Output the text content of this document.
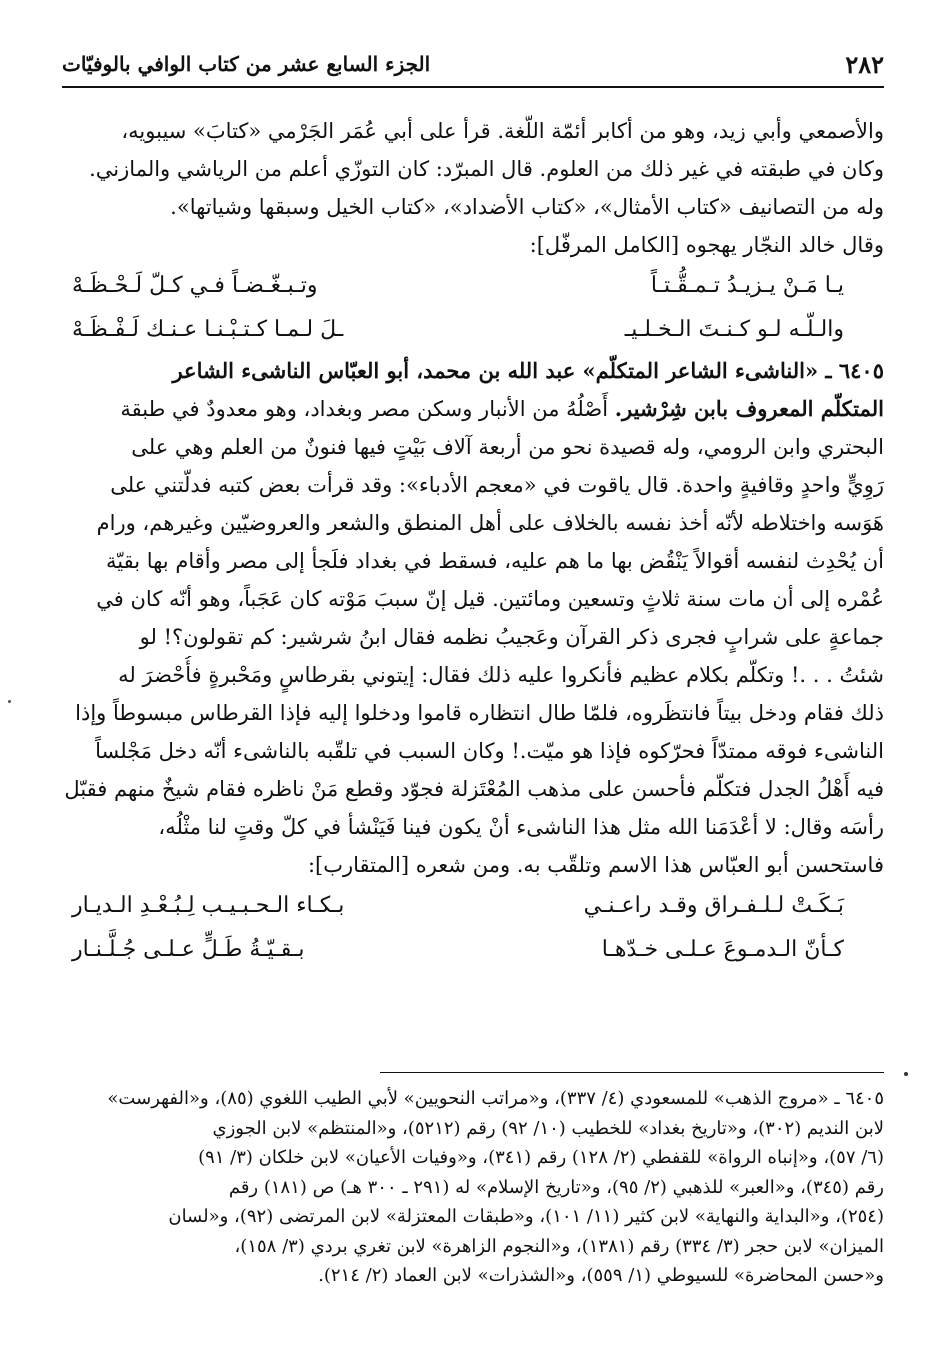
٢٨٢
الجزء السابع عشر من كتاب الوافي بالوفيّات
والأصمعي وأبي زيد، وهو من أكابر أئمّة اللّغة. قرأ على أبي عُمَر الجَرْمي «كتابَ» سيبويه،
وكان في طبقته في غير ذلك من العلوم. قال المبرّد: كان التوزّي أعلم من الرياشي والمازني.
وله من التصانيف «كتاب الأمثال»، «كتاب الأضداد»، «كتاب الخيل وسبقها وشياتها».
وقال خالد النجّار يهجوه [الكامل المرفّل]:
يـا مَـنْ يـزيـدُ تـمـقُّـتـاً
وتـبـغّـضـاً فـي كـلّ لَـحْـظَـهْ
والـلّـه لـو كـنـتَ الـخـلـيـ
ـلَ لـمـا كـتـبْـنـا عـنـك لَـفْـظَـهْ
٦٤٠٥ ـ «الناشىء الشاعر المتكلّم» عبد الله بن محمد، أبو العبّاس الناشىء الشاعر
المتكلّم المعروف بابن شِرْشير. أَصْلُهُ من الأنبار وسكن مصر وبغداد، وهو معدودٌ في طبقة
البحتري وابن الرومي، وله قصيدة نحو من أربعة آلاف بَيْتٍ فيها فنونٌ من العلم وهي على
رَوِيٍّ واحدٍ وقافيةٍ واحدة. قال ياقوت في «معجم الأدباء»: وقد قرأت بعض كتبه فدلّتني على
هَوَسه واختلاطه لأنّه أخذ نفسه بالخلاف على أهل المنطق والشعر والعروضيّين وغيرهم، ورام
أن يُحْدِث لنفسه أقوالاً يَنْقُض بها ما هم عليه، فسقط في بغداد فلَجأ إلى مصر وأقام بها بقيّة
عُمْره إلى أن مات سنة ثلاثٍ وتسعين ومائتين. قيل إنّ سببَ مَوْته كان عَجَباً، وهو أنّه كان في
جماعةٍ على شرابٍ فجرى ذكر القرآن وعَجيبُ نظمه فقال ابنُ شرشير: كم تقولون؟! لو
شئتُ . . .! وتكلّم بكلام عظيم فأنكروا عليه ذلك فقال: إيتوني بقرطاسٍ ومَحْبرةٍ فأُحْضرَ له
ذلك فقام ودخل بيتاً فانتظَروه، فلمّا طال انتظاره قاموا ودخلوا إليه فإذا القرطاس مبسوطاً وإذا
الناشىء فوقه ممتدّاً فحرّكوه فإذا هو ميّت.! وكان السبب في تلقّبه بالناشىء أنّه دخل مَجْلساً
فيه أَهْلُ الجدل فتكلّم فأحسن على مذهب المُعْتَزلة فجوّد وقطع مَنْ ناظره فقام شيخٌ منهم فقبّل
رأسَه وقال: لا أعْدَمَنا الله مثل هذا الناشىء أنْ يكون فينا فَيَنْشأ في كلّ وقتٍ لنا مثْلُه،
فاستحسن أبو العبّاس هذا الاسم وتلقّب به. ومن شعره [المتقارب]:
بَـكَـتْ لـلـفـراق وقـد راعـنـي
بـكـاء الـحـبـيـب لِـبُـعْـدِ الـديـار
كـأنّ الـدمـوعَ عـلـى خـدّهـا
بـقـيّـةُ طَـلٍّ عـلـى جُـلَّـنـار
٦٤٠٥ ـ «مروج الذهب» للمسعودي (٤/ ٣٣٧)، و«مراتب النحويين» لأبي الطيب اللغوي (٨٥)، و«الفهرست»
لابن النديم (٣٠٢)، و«تاريخ بغداد» للخطيب (١٠/ ٩٢) رقم (٥٢١٢)، و«المنتظم» لابن الجوزي
(٦/ ٥٧)، و«إنباه الرواة» للقفطي (٢/ ١٢٨) رقم (٣٤١)، و«وفيات الأعيان» لابن خلكان (٣/ ٩١)
رقم (٣٤٥)، و«العبر» للذهبي (٢/ ٩٥)، و«تاريخ الإسلام» له (٢٩١ ـ ٣٠٠ هـ) ص (١٨١) رقم
(٢٥٤)، و«البداية والنهاية» لابن كثير (١١/ ١٠١)، و«طبقات المعتزلة» لابن المرتضى (٩٢)، و«لسان
الميزان» لابن حجر (٣/ ٣٣٤) رقم (١٣٨١)، و«النجوم الزاهرة» لابن تغري بردي (٣/ ١٥٨)،
و«حسن المحاضرة» للسيوطي (١/ ٥٥٩)، و«الشذرات» لابن العماد (٢/ ٢١٤).
